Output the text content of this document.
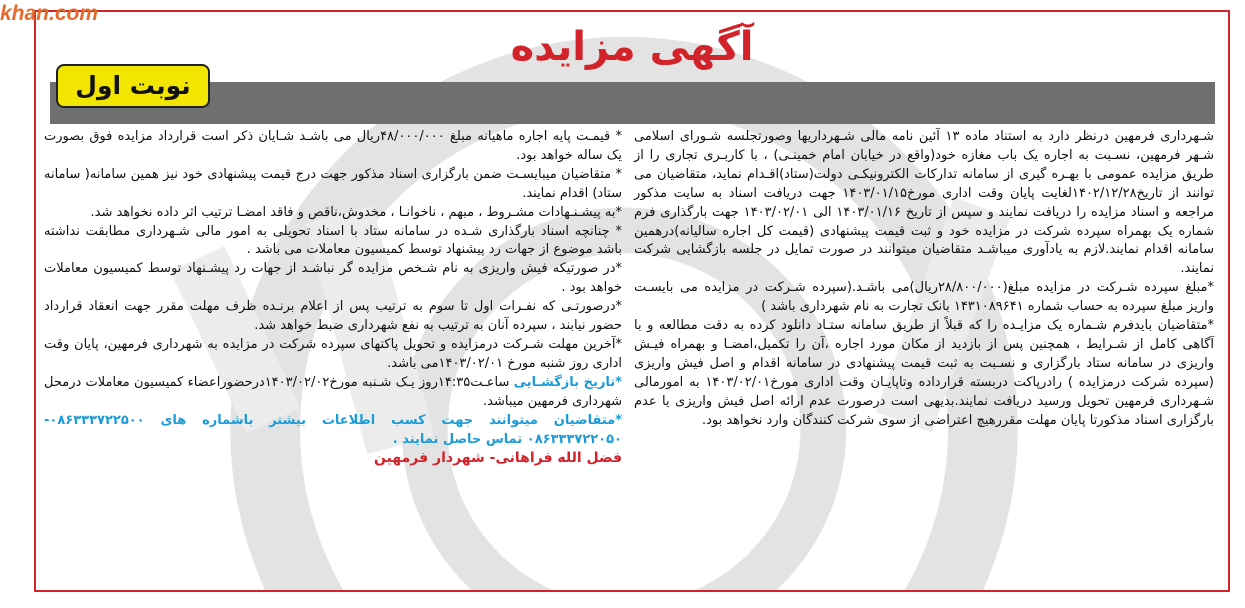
khan.com
آگهی مزایده
نوبت اول

شـهرداری فرمهین درنظر دارد به استناد ماده ۱۳ آئین نامه مالی شـهرداریها وصورتجلسه شـورای اسلامی شـهر فرمهین، نسـبت به اجاره یک باب مغازه خود(واقع در خیابان امام خمینـی) ، با کاربـری تجاری را از طریق مزایده عمومی با بهـره گیری از سامانه تدارکات الکترونیکـی دولت(ستاد)اقـدام نماید، متقاضیان می توانند از تاریخ۱۴۰۲/۱۲/۲۸لغایت پایان وقت اداری مورخ۱۴۰۳/۰۱/۱۵ جهت دریافت اسناد به سایت مذکور مراجعه و اسناد مزایده را دریافت نمایند و سپس از تاریخ ۱۴۰۳/۰۱/۱۶ الی ۱۴۰۳/۰۲/۰۱ جهت بارگذاری فرم شماره یک بهمراه سپرده شرکت در مزایده خود و ثبت قیمت پیشنهادی (قیمت کل اجاره سالیانه)درهمین سامانه اقدام نمایند.لازم به یادآوری میباشـد متقاضیان میتوانند در صورت تمایل در جلسه بازگشایی شرکت نمایند.

*مبلغ سپرده شـرکت در مزایده مبلغ(۲۸/۸۰۰/۰۰۰ریال)می باشـد.(سپرده شـرکت در مزایده می بایسـت واریز مبلغ سپرده به حساب شماره ۱۴۳۱۰۸۹۶۴۱ بانک تجارت به نام شهرداری باشد )

*متقاضیان بایدفرم شـماره یک مزایـده را که قبلاً از طریق سامانه ستـاد دانلود کرده به دقت مطالعه و با آگاهی کامل از شـرایط ، همچنین پس از بازدید از مکان مورد اجاره ،آن را تکمیل،امضـا و بهمراه فیـش واریزی در سامانه ستاد بارگزاری و نسـبت به ثبت قیمت پیشنهادی در سامانه اقدام و اصل فیش واریزی (سپرده شرکت درمزایده ) رادرپاکت دربسته قرارداده وتاپایـان وقت اداری مورخ۱۴۰۳/۰۲/۰۱ به امورمالی شـهرداری فرمهین تحویل ورسید دریافت نمایند.بدیهی است درصورت عدم ارائه اصل فیش واریزی یا عدم بارگزاری اسناد مذکورتا پایان مهلت مقررهیچ اعتراضی از سوی شرکت کنندگان وارد نخواهد بود.

* قیمـت پایه اجاره ماهیانه مبلغ ۴۸/۰۰۰/۰۰۰ریال می باشـد شـایان ذکر است قرارداد مزایده فوق بصورت یک ساله خواهد بود.

* متقاضیان میبایسـت ضمن بارگزاری اسناد مذکور جهت درج قیمت پیشنهادی خود نیز همین سامانه( سامانه ستاد) اقدام نمایند.

*به پیشـنـهادات مشـروط ، مبهم ، ناخوانـا ، مخدوش،ناقص و فاقد امضـا ترتیب اثر داده نخواهد شد.

* چنانچه اسناد بارگذاری شـده در سامانه ستاد با اسناد تحویلی به امور مالی شـهرداری مطابقت نداشته باشد موضوع از جهات رد پیشنهاد توسط کمیسیون معاملات می باشد .

*در صورتیکه فیش واریزی به نام شـخص مزایده گر نباشـد از جهات رد پیشـنهاد توسط کمیسیون معاملات خواهد بود .

*درصورتـی که نفـرات اول تا سوم به ترتیب پس از اعلام برنـده ظرف مهلت مقرر جهت انعقاد قرارداد حضور نیابند ، سپرده آنان به ترتیب به نفع شهرداری ضبط خواهد شد.

*آخرین مهلت شـرکت درمزایده و تحویل پاکتهای سپرده شرکت در مزایده به شهرداری فرمهین، پایان وقت اداری روز شنبه مورخ ۱۴۰۳/۰۲/۰۱می باشد.

*تاریخ بازگشـایی ساعـت۱۴:۳۵روز یـک شـنبه مورخ۱۴۰۳/۰۲/۰۲درحضوراعضاء کمیسیون معاملات درمحل شهرداری فرمهین میباشد.

*متقاضیان میتوانند جهت کسب اطلاعات بیشتر باشماره های ۰۸۶۳۳۳۷۲۲۵۰۰- ۰۸۶۳۳۳۷۲۲۰۵۰ تماس حاصل نمایند .

فضل الله فراهانی- شهردار فرمهین
